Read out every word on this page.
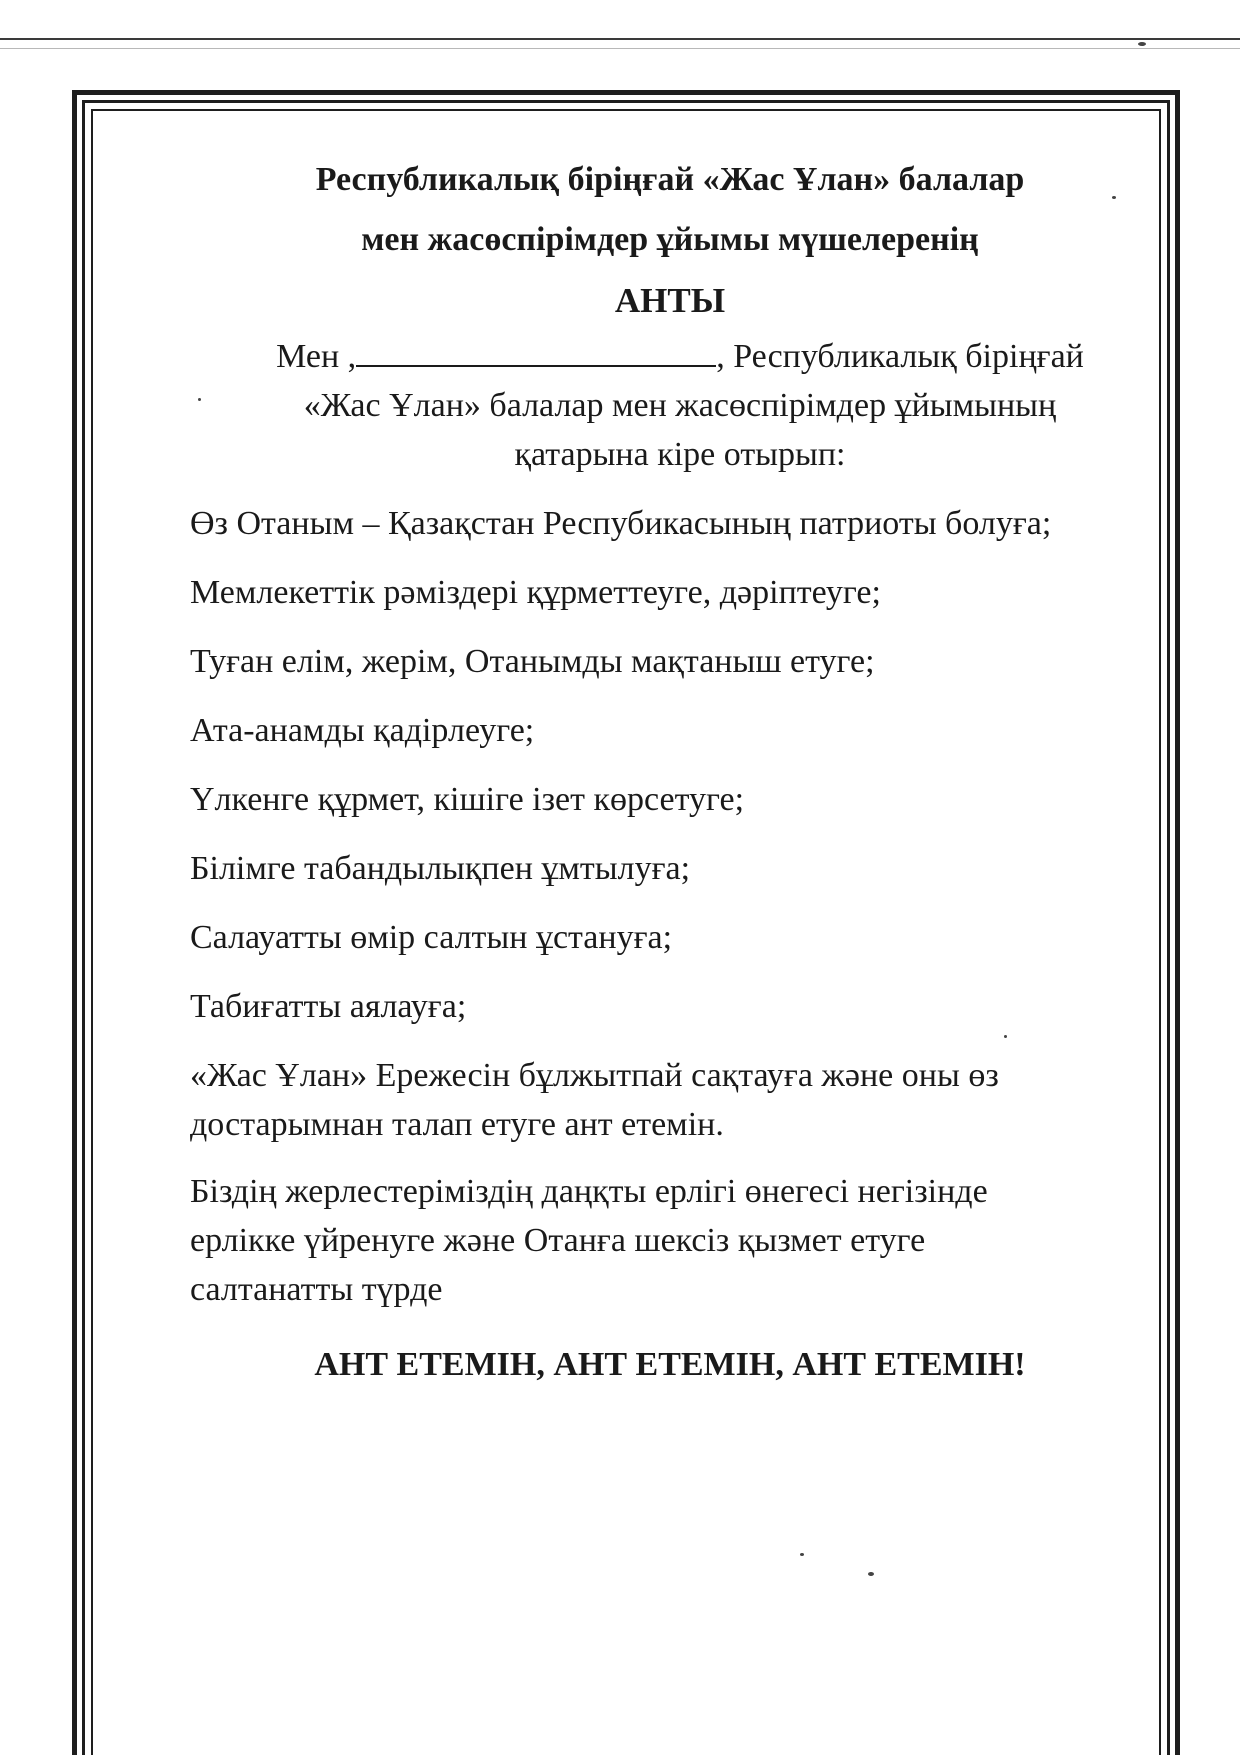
Республикалық біріңғай «Жас Ұлан» балалар

мен жасөспірімдер ұйымы мүшелеренің

АНТЫ

Мен ,	, Республикалық бірiңғай
«Жас Ұлан» балалар мен жасөспірімдер ұйымының
қатарына кіре отырып:

Өз Отаным – Қазақстан Респубикасының патриоты болуға;

Мемлекеттік рәміздері құрметтеуге, дәріптеуге;

Туған елім, жерім, Отанымды мақтаныш етуге;

Ата-анамды қадірлеуге;

Үлкенге құрмет, кішіге ізет көрсетуге;

Білімге табандылықпен ұмтылуға;

Салауатты өмір салтын ұстануға;

Табиғатты аялауға;

«Жас Ұлан» Ережесін бұлжытпай сақтауға және оны өз
достарымнан талап етуге ант етемін.
Біздің жерлестеріміздің даңқты ерлігі өнегесі негізінде
ерлікке үйренуге және Отанға шексіз қызмет етуге
салтанатты түрде

АНТ ЕТЕМІН, АНТ ЕТЕМІН, АНТ ЕТЕМІН!
